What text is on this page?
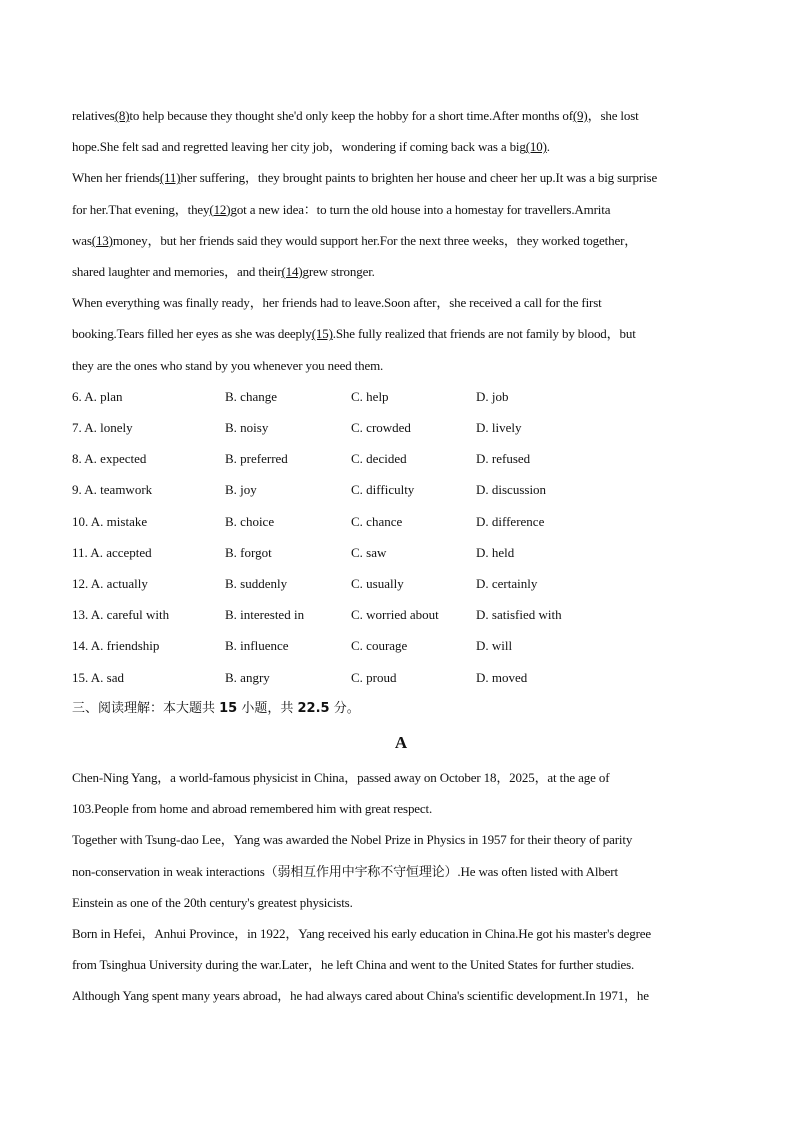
relatives(8)to help because they thought she'd only keep the hobby for a short time.After months of(9)，she lost
hope.She felt sad and regretted leaving her city job，wondering if coming back was a big(10).
When her friends(11)her suffering，they brought paints to brighten her house and cheer her up.It was a big surprise
for her.That evening，they(12)got a new idea：to turn the old house into a homestay for travellers.Amrita
was(13)money，but her friends said they would support her.For the next three weeks，they worked together，
shared laughter and memories，and their(14)grew stronger.
When everything was finally ready，her friends had to leave.Soon after，she received a call for the first
booking.Tears filled her eyes as she was deeply(15).She fully realized that friends are not family by blood，but
they are the ones who stand by you whenever you need them.
6. A. plan	B. change	C. help	D. job
7. A. lonely	B. noisy	C. crowded	D. lively
8. A. expected	B. preferred	C. decided	D. refused
9. A. teamwork	B. joy	C. difficulty	D. discussion
10. A. mistake	B. choice	C. chance	D. difference
11. A. accepted	B. forgot	C. saw	D. held
12. A. actually	B. suddenly	C. usually	D. certainly
13. A. careful with	B. interested in	C. worried about	D. satisfied with
14. A. friendship	B. influence	C. courage	D. will
15. A. sad	B. angry	C. proud	D. moved
三、阅读理解：本大题共 15 小题，共 22.5 分。
A
Chen-Ning Yang，a world-famous physicist in China，passed away on October 18，2025，at the age of
103.People from home and abroad remembered him with great respect.
Together with Tsung-dao Lee，Yang was awarded the Nobel Prize in Physics in 1957 for their theory of parity
non-conservation in weak interactions（弱相互作用中宇称不守恒理论）.He was often listed with Albert
Einstein as one of the 20th century's greatest physicists.
Born in Hefei，Anhui Province，in 1922，Yang received his early education in China.He got his master's degree
from Tsinghua University during the war.Later，he left China and went to the United States for further studies.
Although Yang spent many years abroad，he had always cared about China's scientific development.In 1971，he
